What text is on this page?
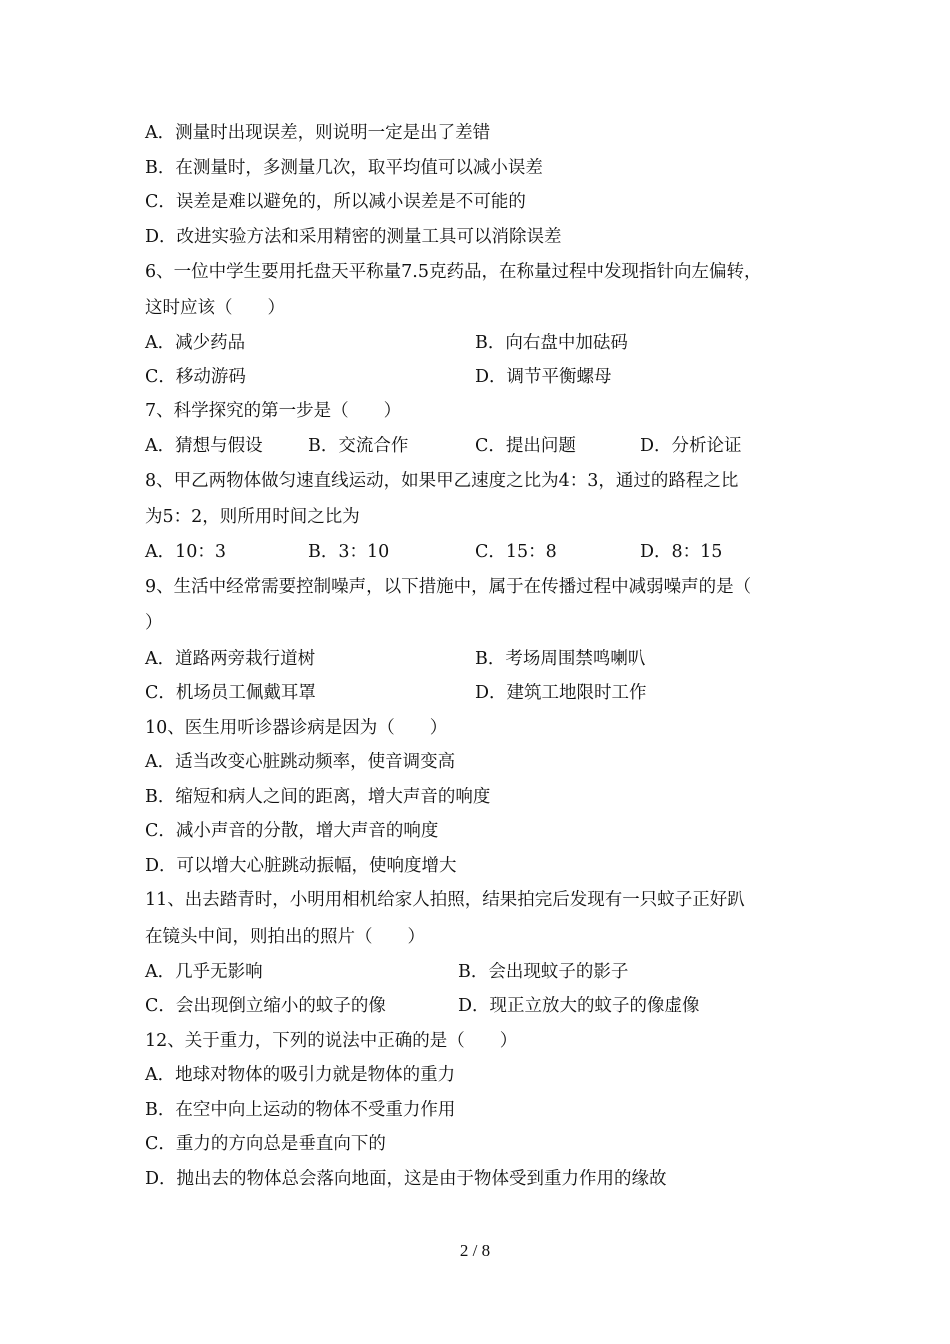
A．测量时出现误差，则说明一定是出了差错
B．在测量时，多测量几次，取平均值可以减小误差
C．误差是难以避免的，所以减小误差是不可能的
D．改进实验方法和采用精密的测量工具可以消除误差
6、一位中学生要用托盘天平称量7.5克药品，在称量过程中发现指针向左偏转，
这时应该（　　）
A．减少药品	B．向右盘中加砝码
C．移动游码	D．调节平衡螺母
7、科学探究的第一步是（　　）
A．猜想与假设	B．交流合作	C．提出问题	D．分析论证
8、甲乙两物体做匀速直线运动，如果甲乙速度之比为4：3，通过的路程之比
为5：2，则所用时间之比为
A．10：3	B．3：10	C．15：8	D．8：15
9、生活中经常需要控制噪声，以下措施中，属于在传播过程中减弱噪声的是（
）
A．道路两旁栽行道树	B．考场周围禁鸣喇叭
C．机场员工佩戴耳罩	D．建筑工地限时工作
10、医生用听诊器诊病是因为（　　）
A．适当改变心脏跳动频率，使音调变高
B．缩短和病人之间的距离，增大声音的响度
C．减小声音的分散，增大声音的响度
D．可以增大心脏跳动振幅，使响度增大
11、出去踏青时，小明用相机给家人拍照，结果拍完后发现有一只蚊子正好趴
在镜头中间，则拍出的照片（　　）
A．几乎无影响	B．会出现蚊子的影子
C．会出现倒立缩小的蚊子的像	D．现正立放大的蚊子的像虚像
12、关于重力，下列的说法中正确的是（　　）
A．地球对物体的吸引力就是物体的重力
B．在空中向上运动的物体不受重力作用
C．重力的方向总是垂直向下的
D．抛出去的物体总会落向地面，这是由于物体受到重力作用的缘故
2 / 8
